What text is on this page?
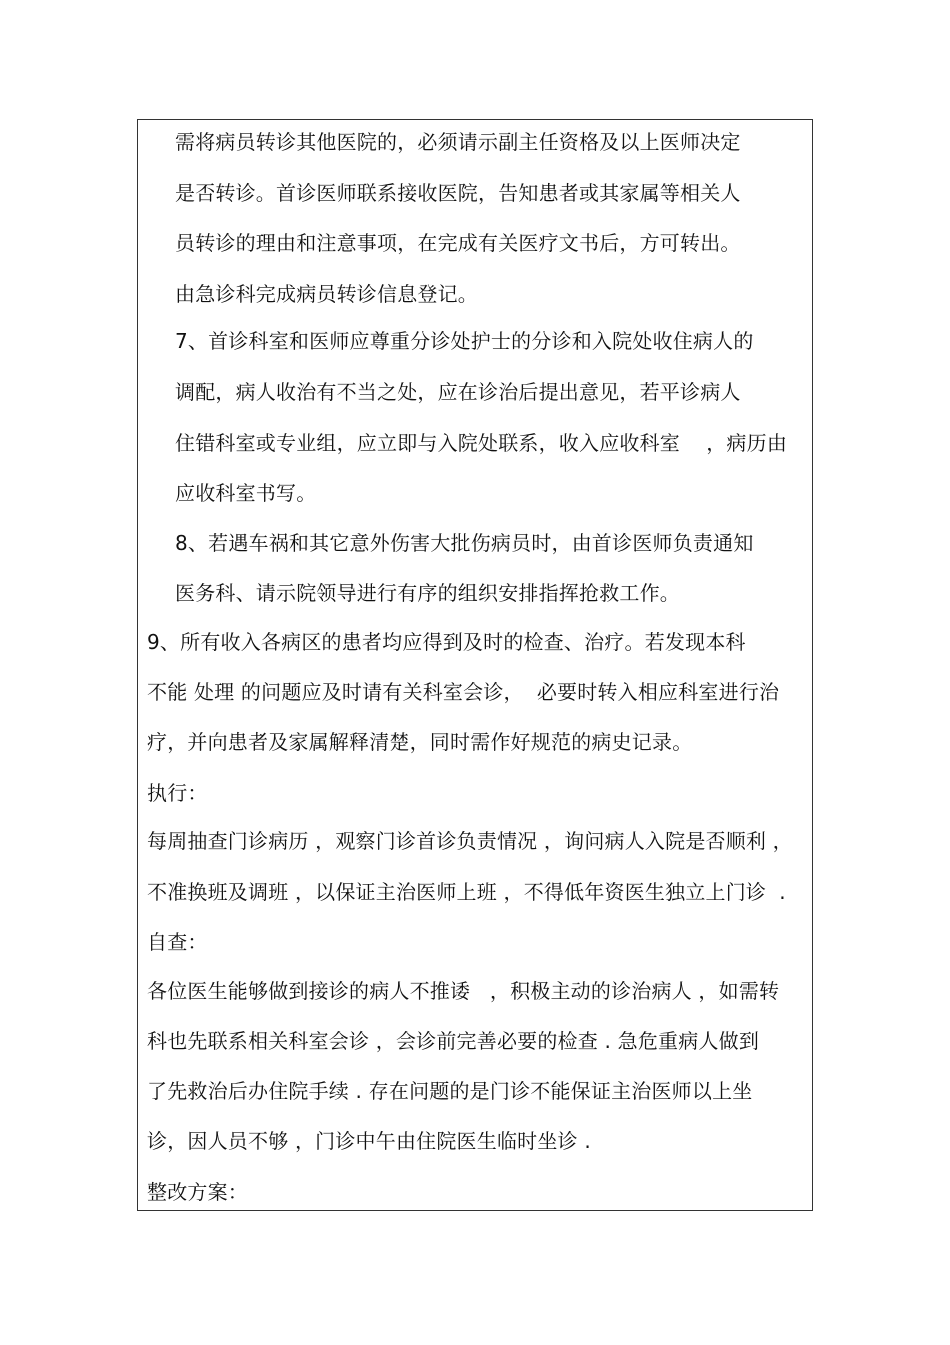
需将病员转诊其他医院的，必须请示副主任资格及以上医师决定
是否转诊。首诊医师联系接收医院，告知患者或其家属等相关人
员转诊的理由和注意事项，在完成有关医疗文书后，方可转出。
由急诊科完成病员转诊信息登记。
7、首诊科室和医师应尊重分诊处护士的分诊和入院处收住病人的
调配，病人收治有不当之处，应在诊治后提出意见，若平诊病人
住错科室或专业组，应立即与入院处联系，收入应收科室    ，病历由
应收科室书写。
8、若遇车祸和其它意外伤害大批伤病员时，由首诊医师负责通知
医务科、请示院领导进行有序的组织安排指挥抢救工作。
9、所有收入各病区的患者均应得到及时的检查、治疗。若发现本科
不能 处理 的问题应及时请有关科室会诊，  必要时转入相应科室进行治
疗，并向患者及家属解释清楚，同时需作好规范的病史记录。
执行：
每周抽查门诊病历 ，观察门诊首诊负责情况 ，询问病人入院是否顺利 ，
不准换班及调班 ，以保证主治医师上班 ，不得低年资医生独立上门诊  .
自查：
各位医生能够做到接诊的病人不推诿   ，积极主动的诊治病人 ，如需转
科也先联系相关科室会诊 ，会诊前完善必要的检查 . 急危重病人做到
了先救治后办住院手续 . 存在问题的是门诊不能保证主治医师以上坐
诊，因人员不够 ，门诊中午由住院医生临时坐诊 .
整改方案：
